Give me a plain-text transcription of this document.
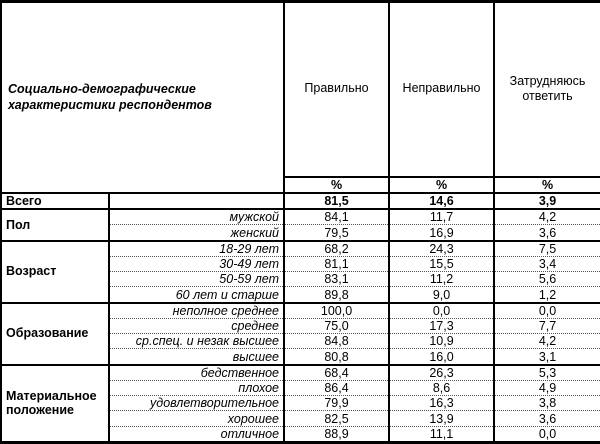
Социально-демографические характеристики респондентов		Правильно	Неправильно	Затрудняюсь ответить
		%	%	%
Всего		81,5	14,6	3,9
Пол	мужской	84,1	11,7	4,2
	женский	79,5	16,9	3,6
Возраст	18-29 лет	68,2	24,3	7,5
	30-49 лет	81,1	15,5	3,4
	50-59 лет	83,1	11,2	5,6
	60 лет и старше	89,8	9,0	1,2
Образование	неполное среднее	100,0	0,0	0,0
	среднее	75,0	17,3	7,7
	ср.спец. и незак высшее	84,8	10,9	4,2
	высшее	80,8	16,0	3,1
Материальное положение	бедственное	68,4	26,3	5,3
	плохое	86,4	8,6	4,9
	удовлетворительное	79,9	16,3	3,8
	хорошее	82,5	13,9	3,6
	отличное	88,9	11,1	0,0
